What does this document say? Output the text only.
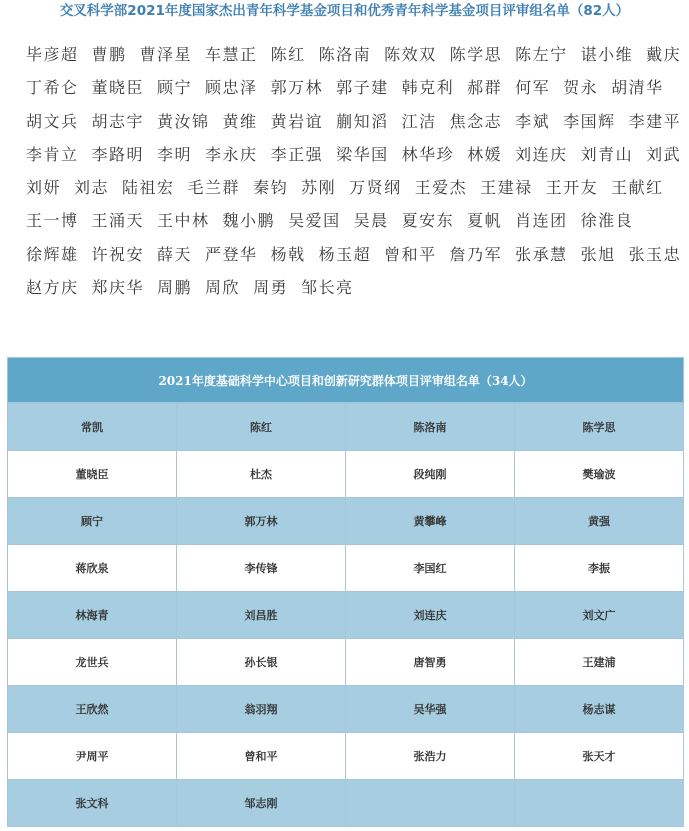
交叉科学部2021年度国家杰出青年科学基金项目和优秀青年科学基金项目评审组名单（82人）
毕彦超 曹鹏 曹泽星 车慧正 陈红 陈洛南 陈效双 陈学思 陈左宁 谌小维 戴庆
丁希仑 董晓臣 顾宁 顾忠泽 郭万林 郭子建 韩克利 郝群 何军 贺永 胡清华
胡文兵 胡志宇 黄汝锦 黄维 黄岩谊 蒯知滔 江洁 焦念志 李斌 李国辉 李建平
李肯立 李路明 李明 李永庆 李正强 梁华国 林华珍 林媛 刘连庆 刘青山 刘武
刘妍 刘志 陆祖宏 毛兰群 秦钧 苏刚 万贤纲 王爱杰 王建禄 王开友 王献红
王一博 王涌天 王中林 魏小鹏 吴爱国 吴晨 夏安东 夏帆 肖连团 徐淮良
徐辉雄 许祝安 薛天 严登华 杨戟 杨玉超 曾和平 詹乃军 张承慧 张旭 张玉忠
赵方庆 郑庆华 周鹏 周欣 周勇 邹长亮
2021年度基础科学中心项目和创新研究群体项目评审组名单（34人）
常凯	陈红	陈洛南	陈学思
董晓臣	杜杰	段纯刚	樊瑜波
顾宁	郭万林	黄攀峰	黄强
蒋欣泉	李传锋	李国红	李振
林海青	刘昌胜	刘连庆	刘文广
龙世兵	孙长银	唐智勇	王建浦
王欣然	翁羽翔	吴华强	杨志谋
尹周平	曾和平	张浩力	张天才
张文科	邹志刚		
